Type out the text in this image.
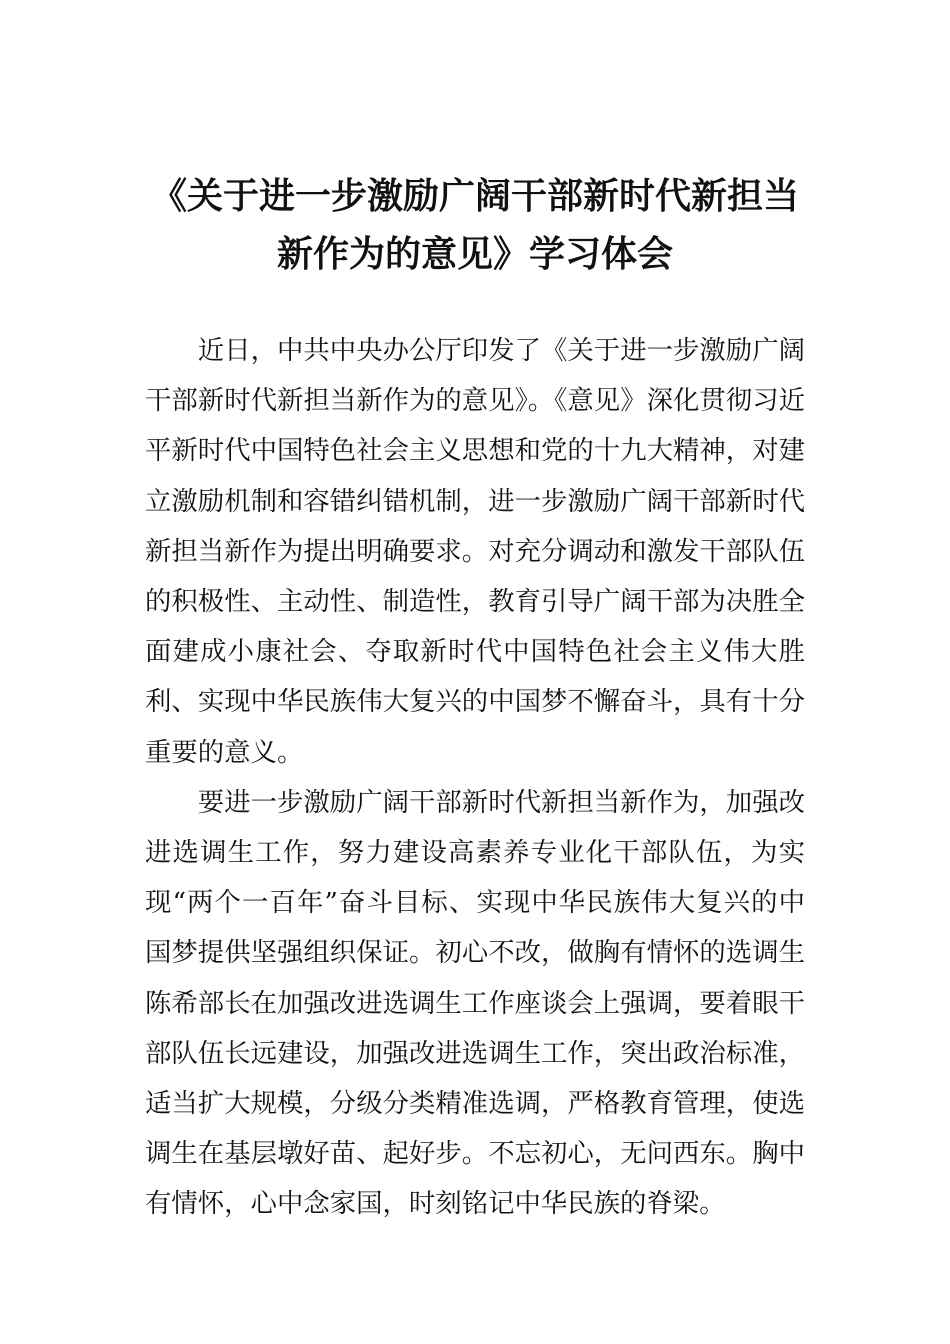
《关于进一步激励广阔干部新时代新担当
新作为的意见》学习体会

近日，中共中央办公厅印发了《关于进一步激励广阔干部新时代新担当新作为的意见》。《意见》深化贯彻习近平新时代中国特色社会主义思想和党的十九大精神，对建立激励机制和容错纠错机制，进一步激励广阔干部新时代新担当新作为提出明确要求。对充分调动和激发干部队伍的积极性、主动性、制造性，教育引导广阔干部为决胜全面建成小康社会、夺取新时代中国特色社会主义伟大胜利、实现中华民族伟大复兴的中国梦不懈奋斗，具有十分重要的意义。

要进一步激励广阔干部新时代新担当新作为，加强改进选调生工作，努力建设高素养专业化干部队伍，为实现“两个一百年”奋斗目标、实现中华民族伟大复兴的中国梦提供坚强组织保证。初心不改，做胸有情怀的选调生陈希部长在加强改进选调生工作座谈会上强调，要着眼干部队伍长远建设，加强改进选调生工作，突出政治标准，适当扩大规模，分级分类精准选调，严格教育管理，使选调生在基层墩好苗、起好步。不忘初心，无问西东。胸中有情怀，心中念家国，时刻铭记中华民族的脊梁。
